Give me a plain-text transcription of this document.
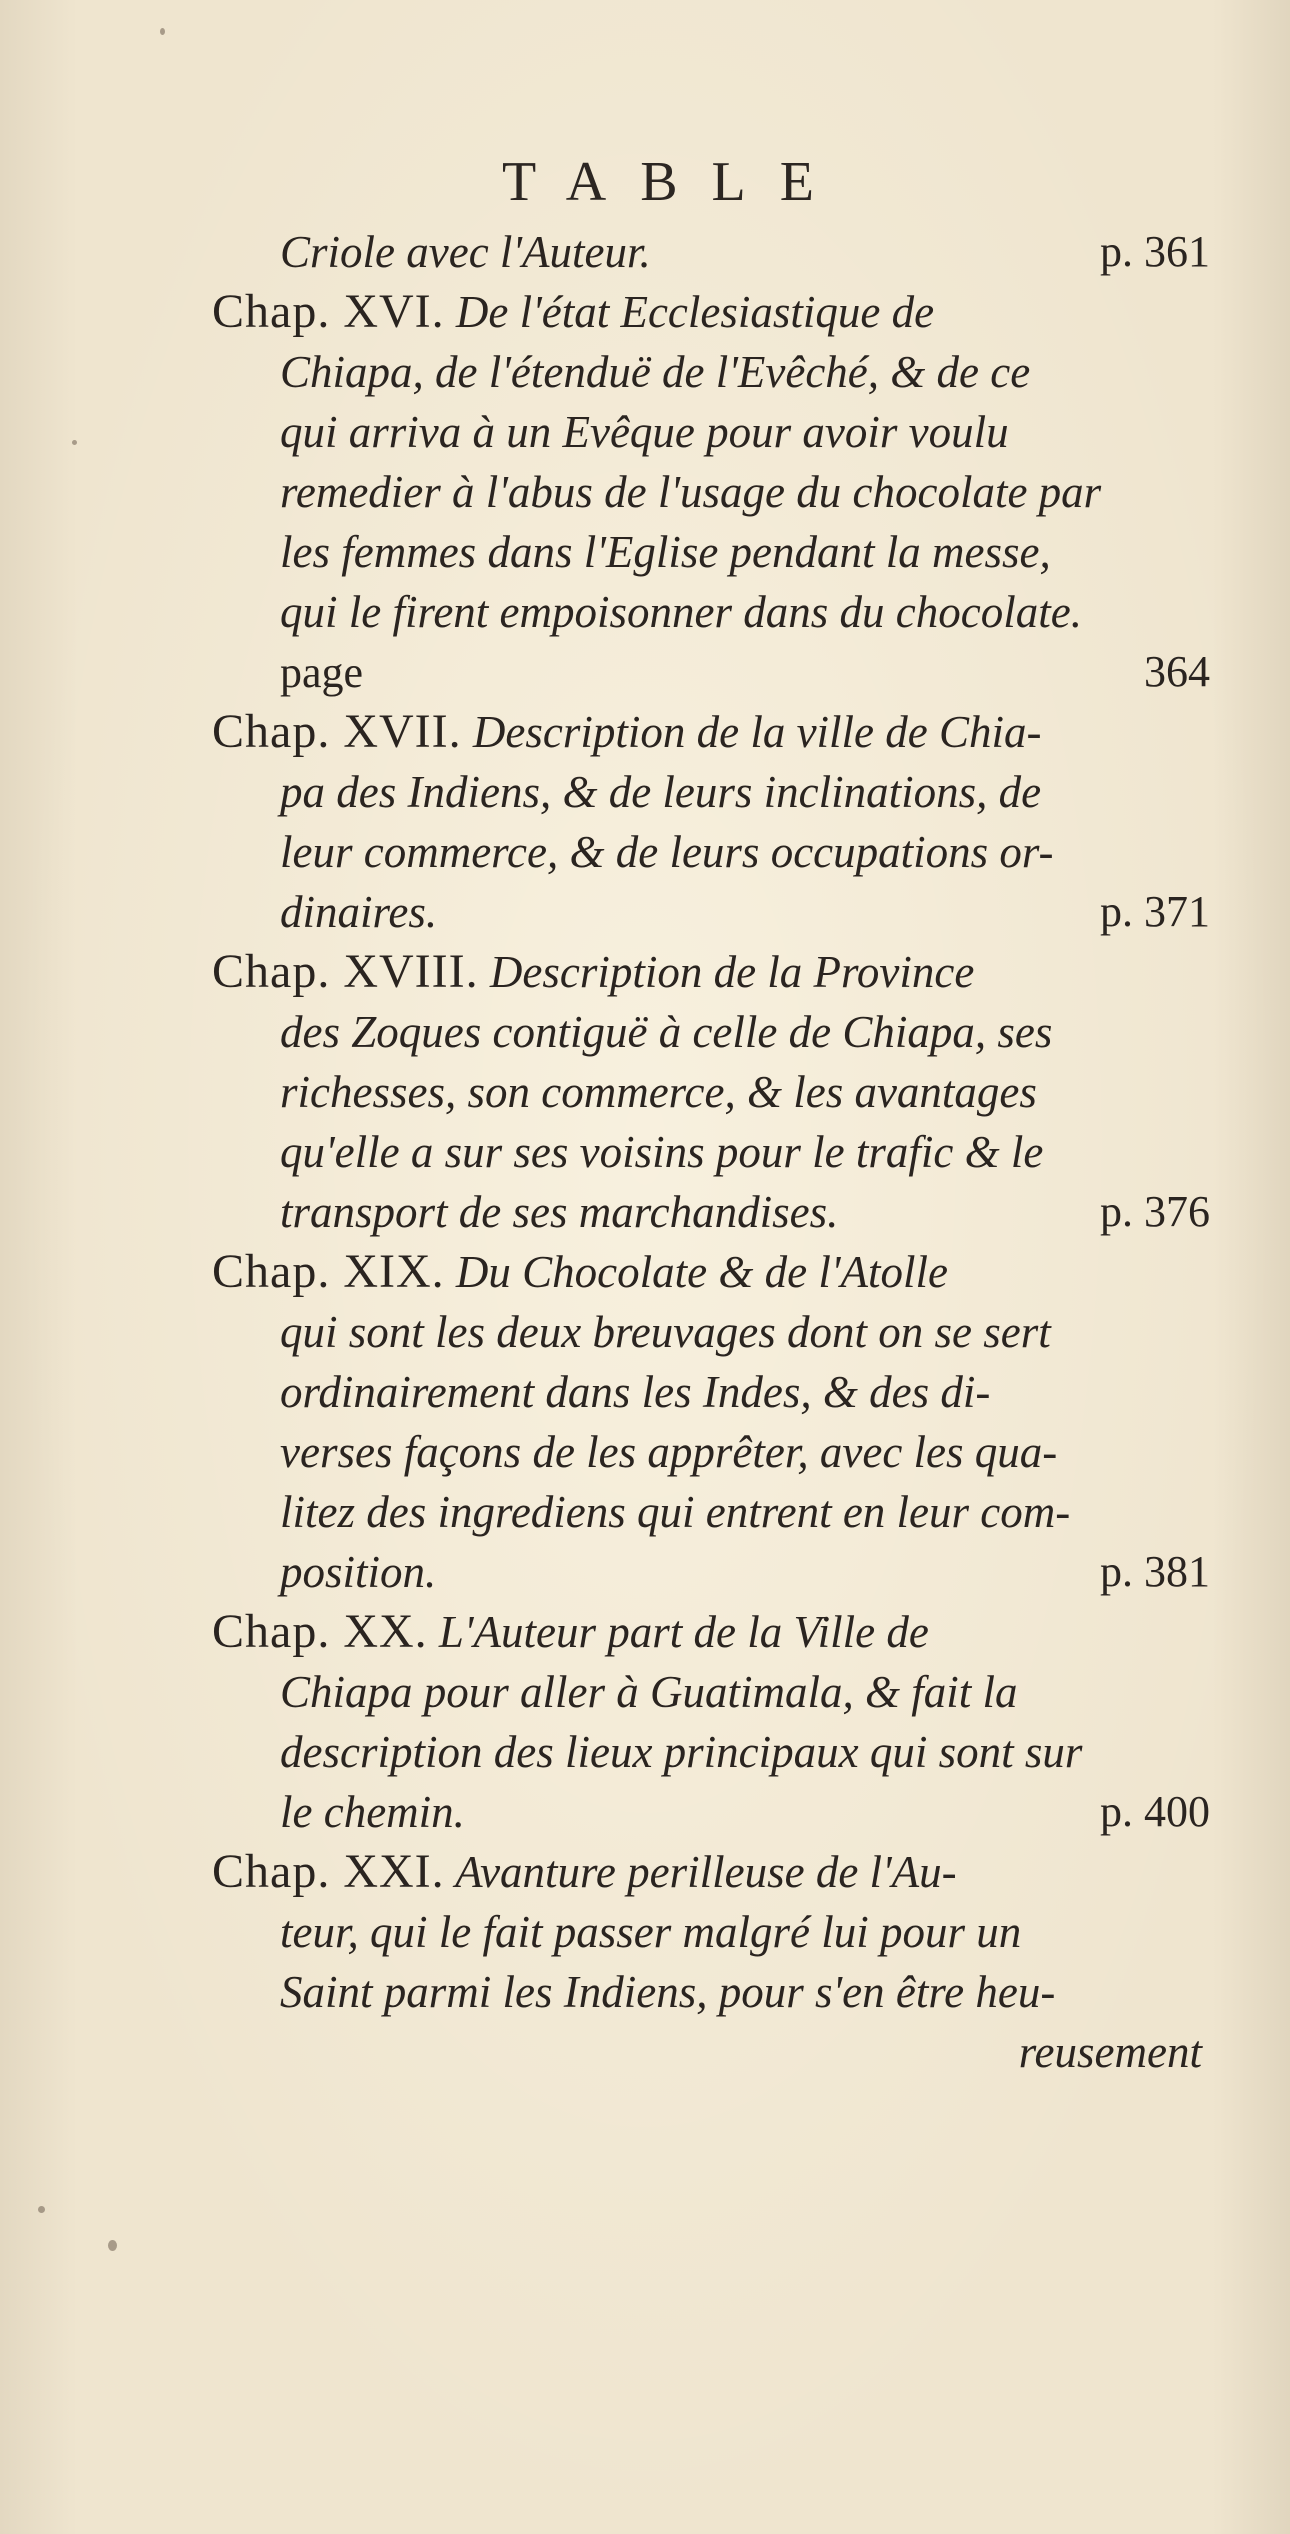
TABLE
Criole avec l'Auteur.	p. 361
Chap. XVI. De l'état Ecclesiastique de
Chiapa, de l'étenduë de l'Evêché, & de ce
qui arriva à un Evêque pour avoir voulu
remedier à l'abus de l'usage du chocolate par
les femmes dans l'Eglise pendant la messe,
qui le firent empoisonner dans du chocolate.
page	364
Chap. XVII. Description de la ville de Chia-
pa des Indiens, & de leurs inclinations, de
leur commerce, & de leurs occupations or-
dinaires.	p. 371
Chap. XVIII. Description de la Province
des Zoques contiguë à celle de Chiapa, ses
richesses, son commerce, & les avantages
qu'elle a sur ses voisins pour le trafic & le
transport de ses marchandises.	p. 376
Chap. XIX. Du Chocolate & de l'Atolle
qui sont les deux breuvages dont on se sert
ordinairement dans les Indes, & des di-
verses façons de les apprêter, avec les qua-
litez des ingrediens qui entrent en leur com-
position.	p. 381
Chap. XX. L'Auteur part de la Ville de
Chiapa pour aller à Guatimala, & fait la
description des lieux principaux qui sont sur
le chemin.	p. 400
Chap. XXI. Avanture perilleuse de l'Au-
teur, qui le fait passer malgré lui pour un
Saint parmi les Indiens, pour s'en être heu-
reusement
